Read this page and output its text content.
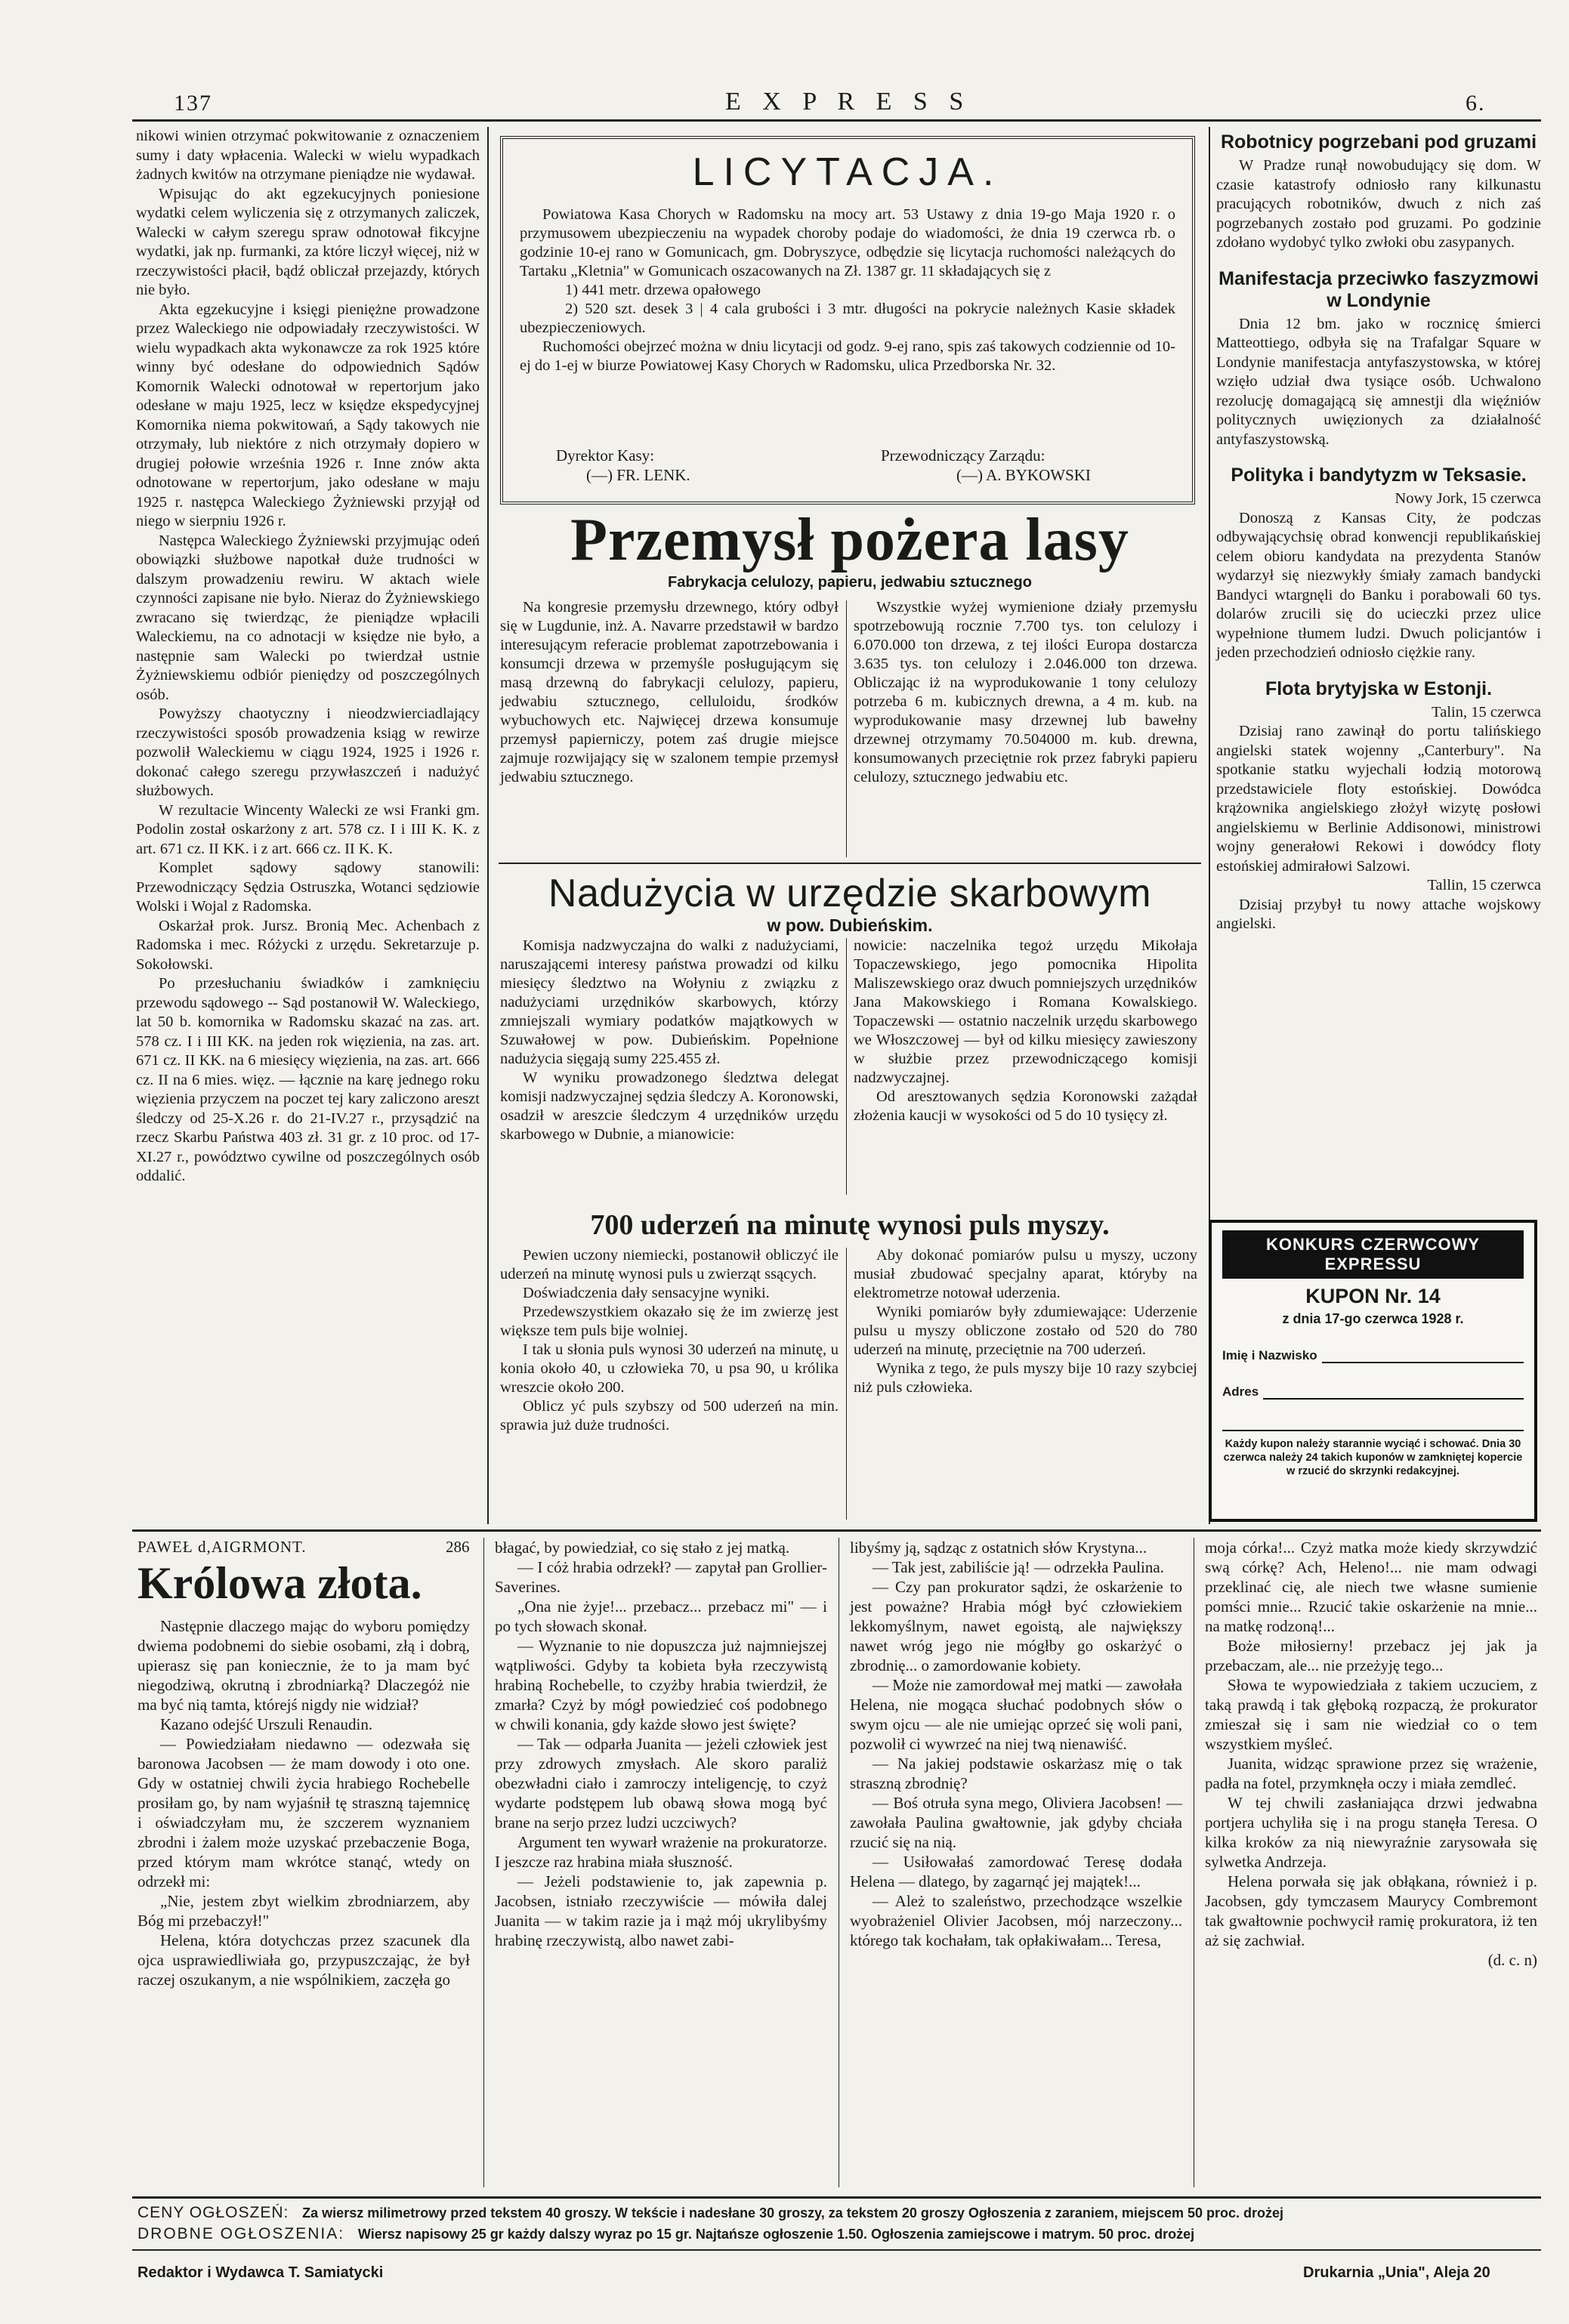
137	E X P R E S S	6.

nikowi winien otrzymać pokwitowanie z oznaczeniem sumy i daty wpłacenia. Walecki w wielu wypadkach żadnych kwitów na otrzymane pieniądze nie wydawał.

Wpisując do akt egzekucyjnych poniesione wydatki celem wyliczenia się z otrzymanych zaliczek, Walecki w całym szeregu spraw odnotował fikcyjne wydatki, jak np. furmanki, za które liczył więcej, niż w rzeczywistości płacił, bądź obliczał przejazdy, których nie było.

Akta egzekucyjne i księgi pieniężne prowadzone przez Waleckiego nie odpowiadały rzeczywistości. W wielu wypadkach akta wykonawcze za rok 1925 które winny być odesłane do odpowiednich Sądów Komornik Walecki odnotował w repertorjum jako odesłane w maju 1925, lecz w księdze ekspedycyjnej Komornika niema pokwitowań, a Sądy takowych nie otrzymały, lub niektóre z nich otrzymały dopiero w drugiej połowie września 1926 r. Inne znów akta odnotowane w repertorjum, jako odesłane w maju 1925 r. następca Waleckiego Żyżniewski przyjął od niego w sierpniu 1926 r.

Następca Waleckiego Żyżniewski przyjmując odeń obowiązki służbowe napotkał duże trudności w dalszym prowadzeniu rewiru. W aktach wiele czynności zapisane nie było. Nieraz do Żyżniewskiego zwracano się twierdząc, że pieniądze wpłacili Waleckiemu, na co adnotacji w księdze nie było, a następnie sam Walecki po twierdzał ustnie Żyżniewskiemu odbiór pieniędzy od poszczególnych osób.

Powyższy chaotyczny i nieodzwierciadlający rzeczywistości sposób prowadzenia ksiąg w rewirze pozwolił Waleckiemu w ciągu 1924, 1925 i 1926 r. dokonać całego szeregu przywłaszczeń i nadużyć służbowych.

W rezultacie Wincenty Walecki ze wsi Franki gm. Podolin został oskarżony z art. 578 cz. I i III K. K. z art. 671 cz. II KK. i z art. 666 cz. II K. K.

Komplet sądowy sądowy stanowili: Przewodniczący Sędzia Ostruszka, Wotanci sędziowie Wolski i Wojal z Radomska.

Oskarżał prok. Jursz. Bronią Mec. Achenbach z Radomska i mec. Różycki z urzędu. Sekretarzuje p. Sokołowski.

Po przesłuchaniu świadków i zamknięciu przewodu sądowego -- Sąd postanowił W. Waleckiego, lat 50 b. komornika w Radomsku skazać na zas. art. 578 cz. I i III KK. na jeden rok więzienia, na zas. art. 671 cz. II KK. na 6 miesięcy więzienia, na zas. art. 666 cz. II na 6 mies. więz. — łącznie na karę jednego roku więzienia przyczem na poczet tej kary zaliczono areszt śledczy od 25-X.26 r. do 21-IV.27 r., przysądzić na rzecz Skarbu Państwa 403 zł. 31 gr. z 10 proc. od 17-XI.27 r., powództwo cywilne od poszczególnych osób oddalić.

LICYTACJA.

Powiatowa Kasa Chorych w Radomsku na mocy art. 53 Ustawy z dnia 19-go Maja 1920 r. o przymusowem ubezpieczeniu na wypadek choroby podaje do wiadomości, że dnia 19 czerwca rb. o godzinie 10-ej rano w Gomunicach, gm. Dobryszyce, odbędzie się licytacja ruchomości należących do Tartaku „Kletnia" w Gomunicach oszacowanych na Zł. 1387 gr. 11 składających się z

1) 441 metr. drzewa opałowego

2) 520 szt. desek 3 | 4 cala grubości i 3 mtr. długości na pokrycie należnych Kasie składek ubezpieczeniowych.

Ruchomości obejrzeć można w dniu licytacji od godz. 9-ej rano, spis zaś takowych codziennie od 10-ej do 1-ej w biurze Powiatowej Kasy Chorych w Radomsku, ulica Przedborska Nr. 32.

Dyrektor Kasy:
(—) FR. LENK.
Przewodniczący Zarządu:
(—) A. BYKOWSKI
Przemysł pożera lasy
Fabrykacja celulozy, papieru, jedwabiu sztucznego

Na kongresie przemysłu drzewnego, który odbył się w Lugdunie, inż. A. Navarre przedstawił w bardzo interesującym referacie problemat zapotrzebowania i konsumcji drzewa w przemyśle posługującym się masą drzewną do fabrykacji celulozy, papieru, jedwabiu sztucznego, celluloidu, środków wybuchowych etc. Najwięcej drzewa konsumuje przemysł papierniczy, potem zaś drugie miejsce zajmuje rozwijający się w szalonem tempie przemysł jedwabiu sztucznego.

Wszystkie wyżej wymienione działy przemysłu spotrzebowują rocznie 7.700 tys. ton celulozy i 6.070.000 ton drzewa, z tej ilości Europa dostarcza 3.635 tys. ton celulozy i 2.046.000 ton drzewa. Obliczając iż na wyprodukowanie 1 tony celulozy potrzeba 6 m. kubicznych drewna, a 4 m. kub. na wyprodukowanie masy drzewnej lub bawełny drzewnej otrzymamy 70.504000 m. kub. drewna, konsumowanych przeciętnie rok przez fabryki papieru celulozy, sztucznego jedwabiu etc.

Nadużycia w urzędzie skarbowym
w pow. Dubieńskim.

Komisja nadzwyczajna do walki z nadużyciami, naruszającemi interesy państwa prowadzi od kilku miesięcy śledztwo na Wołyniu z związku z nadużyciami urzędników skarbowych, którzy zmniejszali wymiary podatków majątkowych w Szuwałowej w pow. Dubieńskim. Popełnione nadużycia sięgają sumy 225.455 zł.

W wyniku prowadzonego śledztwa delegat komisji nadzwyczajnej sędzia śledczy A. Koronowski, osadził w areszcie śledczym 4 urzędników urzędu skarbowego w Dubnie, a mianowicie:

nowicie: naczelnika tegoż urzędu Mikołaja Topaczewskiego, jego pomocnika Hipolita Maliszewskiego oraz dwuch pomniejszych urzędników Jana Makowskiego i Romana Kowalskiego. Topaczewski — ostatnio naczelnik urzędu skarbowego we Włoszczowej — był od kilku miesięcy zawieszony w służbie przez przewodniczącego komisji nadzwyczajnej.

Od aresztowanych sędzia Koronowski zażądał złożenia kaucji w wysokości od 5 do 10 tysięcy zł.

700 uderzeń na minutę wynosi puls myszy.

Pewien uczony niemiecki, postanowił obliczyć ile uderzeń na minutę wynosi puls u zwierząt ssących.

Doświadczenia dały sensacyjne wyniki.

Przedewszystkiem okazało się że im zwierzę jest większe tem puls bije wolniej.

I tak u słonia puls wynosi 30 uderzeń na minutę, u konia około 40, u człowieka 70, u psa 90, u królika wreszcie około 200.

Oblicz yć puls szybszy od 500 uderzeń na min. sprawia już duże trudności.

Aby dokonać pomiarów pulsu u myszy, uczony musiał zbudować specjalny aparat, któryby na elektrometrze notował uderzenia.

Wyniki pomiarów były zdumiewające: Uderzenie pulsu u myszy obliczone zostało od 520 do 780 uderzeń na minutę, przeciętnie na 700 uderzeń.

Wynika z tego, że puls myszy bije 10 razy szybciej niż puls człowieka.

Robotnicy pogrzebani pod gruzami

W Pradze runął nowobudujący się dom. W czasie katastrofy odniosło rany kilkunastu pracujących robotników, dwuch z nich zaś pogrzebanych zostało pod gruzami. Po godzinie zdołano wydobyć tylko zwłoki obu zasypanych.

Manifestacja przeciwko faszyzmowi w Londynie

Dnia 12 bm. jako w rocznicę śmierci Matteottiego, odbyła się na Trafalgar Square w Londynie manifestacja antyfaszystowska, w której wzięło udział dwa tysiące osób. Uchwalono rezolucję domagającą się amnestji dla więźniów politycznych uwięzionych za działalność antyfaszystowską.

Polityka i bandytyzm w Teksasie.

Nowy Jork, 15 czerwca

Donoszą z Kansas City, że podczas odbywającychsię obrad konwencji republikańskiej celem obioru kandydata na prezydenta Stanów wydarzył się niezwykły śmiały zamach bandycki Bandyci wtargnęli do Banku i porabowali 60 tys. dolarów zrucili się do ucieczki przez ulice wypełnione tłumem ludzi. Dwuch policjantów i jeden przechodzień odniosło ciężkie rany.

Flota brytyjska w Estonji.

Talin, 15 czerwca

Dzisiaj rano zawinął do portu talińskiego angielski statek wojenny „Canterbury". Na spotkanie statku wyjechali łodzią motorową przedstawiciele floty estońskiej. Dowódca krążownika angielskiego złożył wizytę posłowi angielskiemu w Berlinie Addisonowi, ministrowi wojny generałowi Rekowi i dowódcy floty estońskiej admirałowi Salzowi.

Tallin, 15 czerwca

Dzisiaj przybył tu nowy attache wojskowy angielski.

KONKURS CZERWCOWY EXPRESSU
KUPON Nr. 14
z dnia 17-go czerwca 1928 r.
Imię i Nazwisko
Adres
Każdy kupon należy starannie wyciąć i schować. Dnia 30 czerwca należy 24 takich kuponów w zamkniętej kopercie w rzucić do skrzynki redakcyjnej.
PAWEŁ d,AIGRMONT.	286
Królowa złota.

Następnie dlaczego mając do wyboru pomiędzy dwiema podobnemi do siebie osobami, złą i dobrą, upierasz się pan koniecznie, że to ja mam być niegodziwą, okrutną i zbrodniarką? Dlaczegóż nie ma być nią tamta, którejś nigdy nie widział?

Kazano odejść Urszuli Renaudin.

— Powiedziałam niedawno — odezwała się baronowa Jacobsen — że mam dowody i oto one. Gdy w ostatniej chwili życia hrabiego Rochebelle prosiłam go, by nam wyjaśnił tę straszną tajemnicę i oświadczyłam mu, że szczerem wyznaniem zbrodni i żalem może uzyskać przebaczenie Boga, przed którym mam wkrótce stanąć, wtedy on odrzekł mi:

„Nie, jestem zbyt wielkim zbrodniarzem, aby Bóg mi przebaczył!"

Helena, która dotychczas przez szacunek dla ojca usprawiedliwiała go, przypuszczając, że był raczej oszukanym, a nie wspólnikiem, zaczęła go

błagać, by powiedział, co się stało z jej matką.

— I cóż hrabia odrzekł? — zapytał pan Grollier-Saverines.

„Ona nie żyje!... przebacz... przebacz mi" — i po tych słowach skonał.

— Wyznanie to nie dopuszcza już najmniejszej wątpliwości. Gdyby ta kobieta była rzeczywistą hrabiną Rochebelle, to czyżby hrabia twierdził, że zmarła? Czyż by mógł powiedzieć coś podobnego w chwili konania, gdy każde słowo jest święte?

— Tak — odparła Juanita — jeżeli człowiek jest przy zdrowych zmysłach. Ale skoro paraliż obezwładni ciało i zamroczy inteligencję, to czyż wydarte podstępem lub obawą słowa mogą być brane na serjo przez ludzi uczciwych?

Argument ten wywarł wrażenie na prokuratorze. I jeszcze raz hrabina miała słuszność.

— Jeżeli podstawienie to, jak zapewnia p. Jacobsen, istniało rzeczywiście — mówiła dalej Juanita — w takim razie ja i mąż mój ukrylibyśmy hrabinę rzeczywistą, albo nawet zabi-

libyśmy ją, sądząc z ostatnich słów Krystyna...

— Tak jest, zabiliście ją! — odrzekła Paulina.

— Czy pan prokurator sądzi, że oskarżenie to jest poważne? Hrabia mógł być człowiekiem lekkomyślnym, nawet egoistą, ale największy nawet wróg jego nie mógłby go oskarżyć o zbrodnię... o zamordowanie kobiety.

— Może nie zamordował mej matki — zawołała Helena, nie mogąca słuchać podobnych słów o swym ojcu — ale nie umiejąc oprzeć się woli pani, pozwolił ci wywrzeć na niej twą nienawiść.

— Na jakiej podstawie oskarżasz mię o tak straszną zbrodnię?

— Boś otruła syna mego, Oliviera Jacobsen! — zawołała Paulina gwałtownie, jak gdyby chciała rzucić się na nią.

— Usiłowałaś zamordować Teresę dodała Helena — dlatego, by zagarnąć jej majątek!...

— Ależ to szaleństwo, przechodzące wszelkie wyobrażeniel Olivier Jacobsen, mój narzeczony... którego tak kochałam, tak opłakiwałam... Teresa,

moja córka!... Czyż matka może kiedy skrzywdzić swą córkę? Ach, Heleno!... nie mam odwagi przeklinać cię, ale niech twe własne sumienie pomści mnie... Rzucić takie oskarżenie na mnie... na matkę rodzoną!...

Boże miłosierny! przebacz jej jak ja przebaczam, ale... nie przeżyję tego...

Słowa te wypowiedziała z takiem uczuciem, z taką prawdą i tak głęboką rozpaczą, że prokurator zmieszał się i sam nie wiedział co o tem wszystkiem myśleć.

Juanita, widząc sprawione przez się wrażenie, padła na fotel, przymknęła oczy i miała zemdleć.

W tej chwili zasłaniająca drzwi jedwabna portjera uchyliła się i na progu stanęła Teresa. O kilka kroków za nią niewyraźnie zarysowała się sylwetka Andrzeja.

Helena porwała się jak obłąkana, również i p. Jacobsen, gdy tymczasem Maurycy Combremont tak gwałtownie pochwycił ramię prokuratora, iż ten aż się zachwiał.

(d. c. n)

CENY OGŁOSZEŃ: Za wiersz milimetrowy przed tekstem 40 groszy. W tekście i nadesłane 30 groszy, za tekstem 20 groszy Ogłoszenia z zaraniem, miejscem 50 proc. drożej
DROBNE OGŁOSZENIA: Wiersz napisowy 25 gr każdy dalszy wyraz po 15 gr. Najtańsze ogłoszenie 1.50. Ogłoszenia zamiejscowe i matrym. 50 proc. drożej
Redaktor i Wydawca T. Samiatycki	Drukarnia „Unia", Aleja 20
